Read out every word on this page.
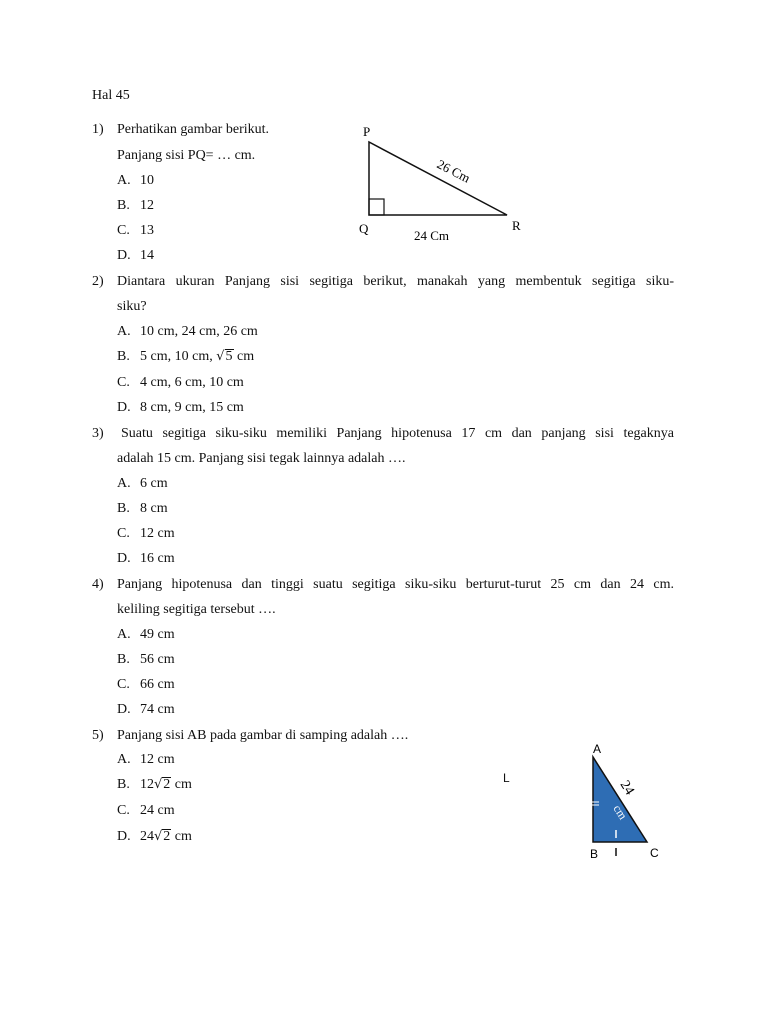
Hal 45
1) Perhatikan gambar berikut.
Panjang sisi PQ= … cm.
A. 10
B. 12
C. 13
D. 14
P
Q	R
26 Cm
24 Cm
2) Diantara ukuran Panjang sisi segitiga berikut, manakah yang membentuk segitiga siku-
siku?
A. 10 cm, 24 cm, 26 cm
B. 5 cm, 10 cm, √5 cm
C. 4 cm, 6 cm, 10 cm
D. 8 cm, 9 cm, 15 cm
3) Suatu segitiga siku-siku memiliki Panjang hipotenusa 17 cm dan panjang sisi tegaknya
adalah 15 cm. Panjang sisi tegak lainnya adalah ….
A. 6 cm
B. 8 cm
C. 12 cm
D. 16 cm
4) Panjang hipotenusa dan tinggi suatu segitiga siku-siku berturut-turut 25 cm dan 24 cm.
keliling segitiga tersebut ….
A. 49 cm
B. 56 cm
C. 66 cm
D. 74 cm
5) Panjang sisi AB pada gambar di samping adalah ….
A. 12 cm
B. 12√2 cm
C. 24 cm
D. 24√2 cm
L
A
B	C
24
cm
